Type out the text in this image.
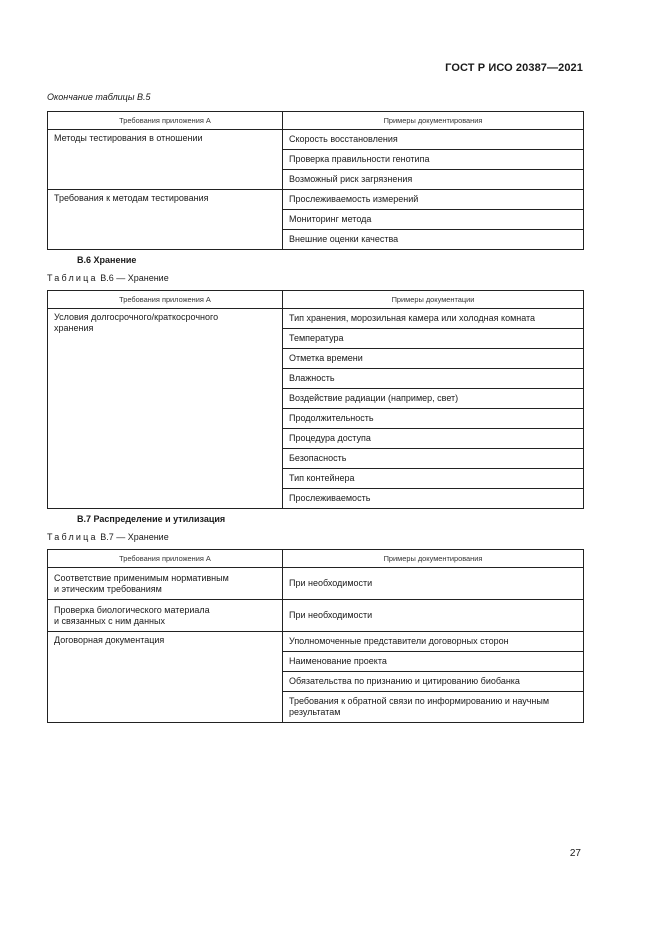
ГОСТ Р ИСО 20387—2021
Окончание таблицы В.5
Требования приложения А	Примеры документирования
Методы тестирования в отношении	Скорость восстановления
	Проверка правильности генотипа
	Возможный риск загрязнения
Требования к методам тестирования	Прослеживаемость измерений
	Мониторинг метода
	Внешние оценки качества
В.6 Хранение
Таблица В.6 — Хранение
Требования приложения А	Примеры документации
Условия долгосрочного/краткосрочного хранения	Тип хранения, морозильная камера или холодная комната
	Температура
	Отметка времени
	Влажность
	Воздействие радиации (например, свет)
	Продолжительность
	Процедура доступа
	Безопасность
	Тип контейнера
	Прослеживаемость
В.7 Распределение и утилизация
Таблица В.7 — Хранение
Требования приложения А	Примеры документирования

Соответствие применимым нормативным
и этическим требованиям	При необходимости

Проверка биологического материала
и связанных с ним данных	При необходимости
Договорная документация	Уполномоченные представители договорных сторон
	Наименование проекта
	Обязательства по признанию и цитированию биобанка
	Требования к обратной связи по информированию и научным результатам
27
